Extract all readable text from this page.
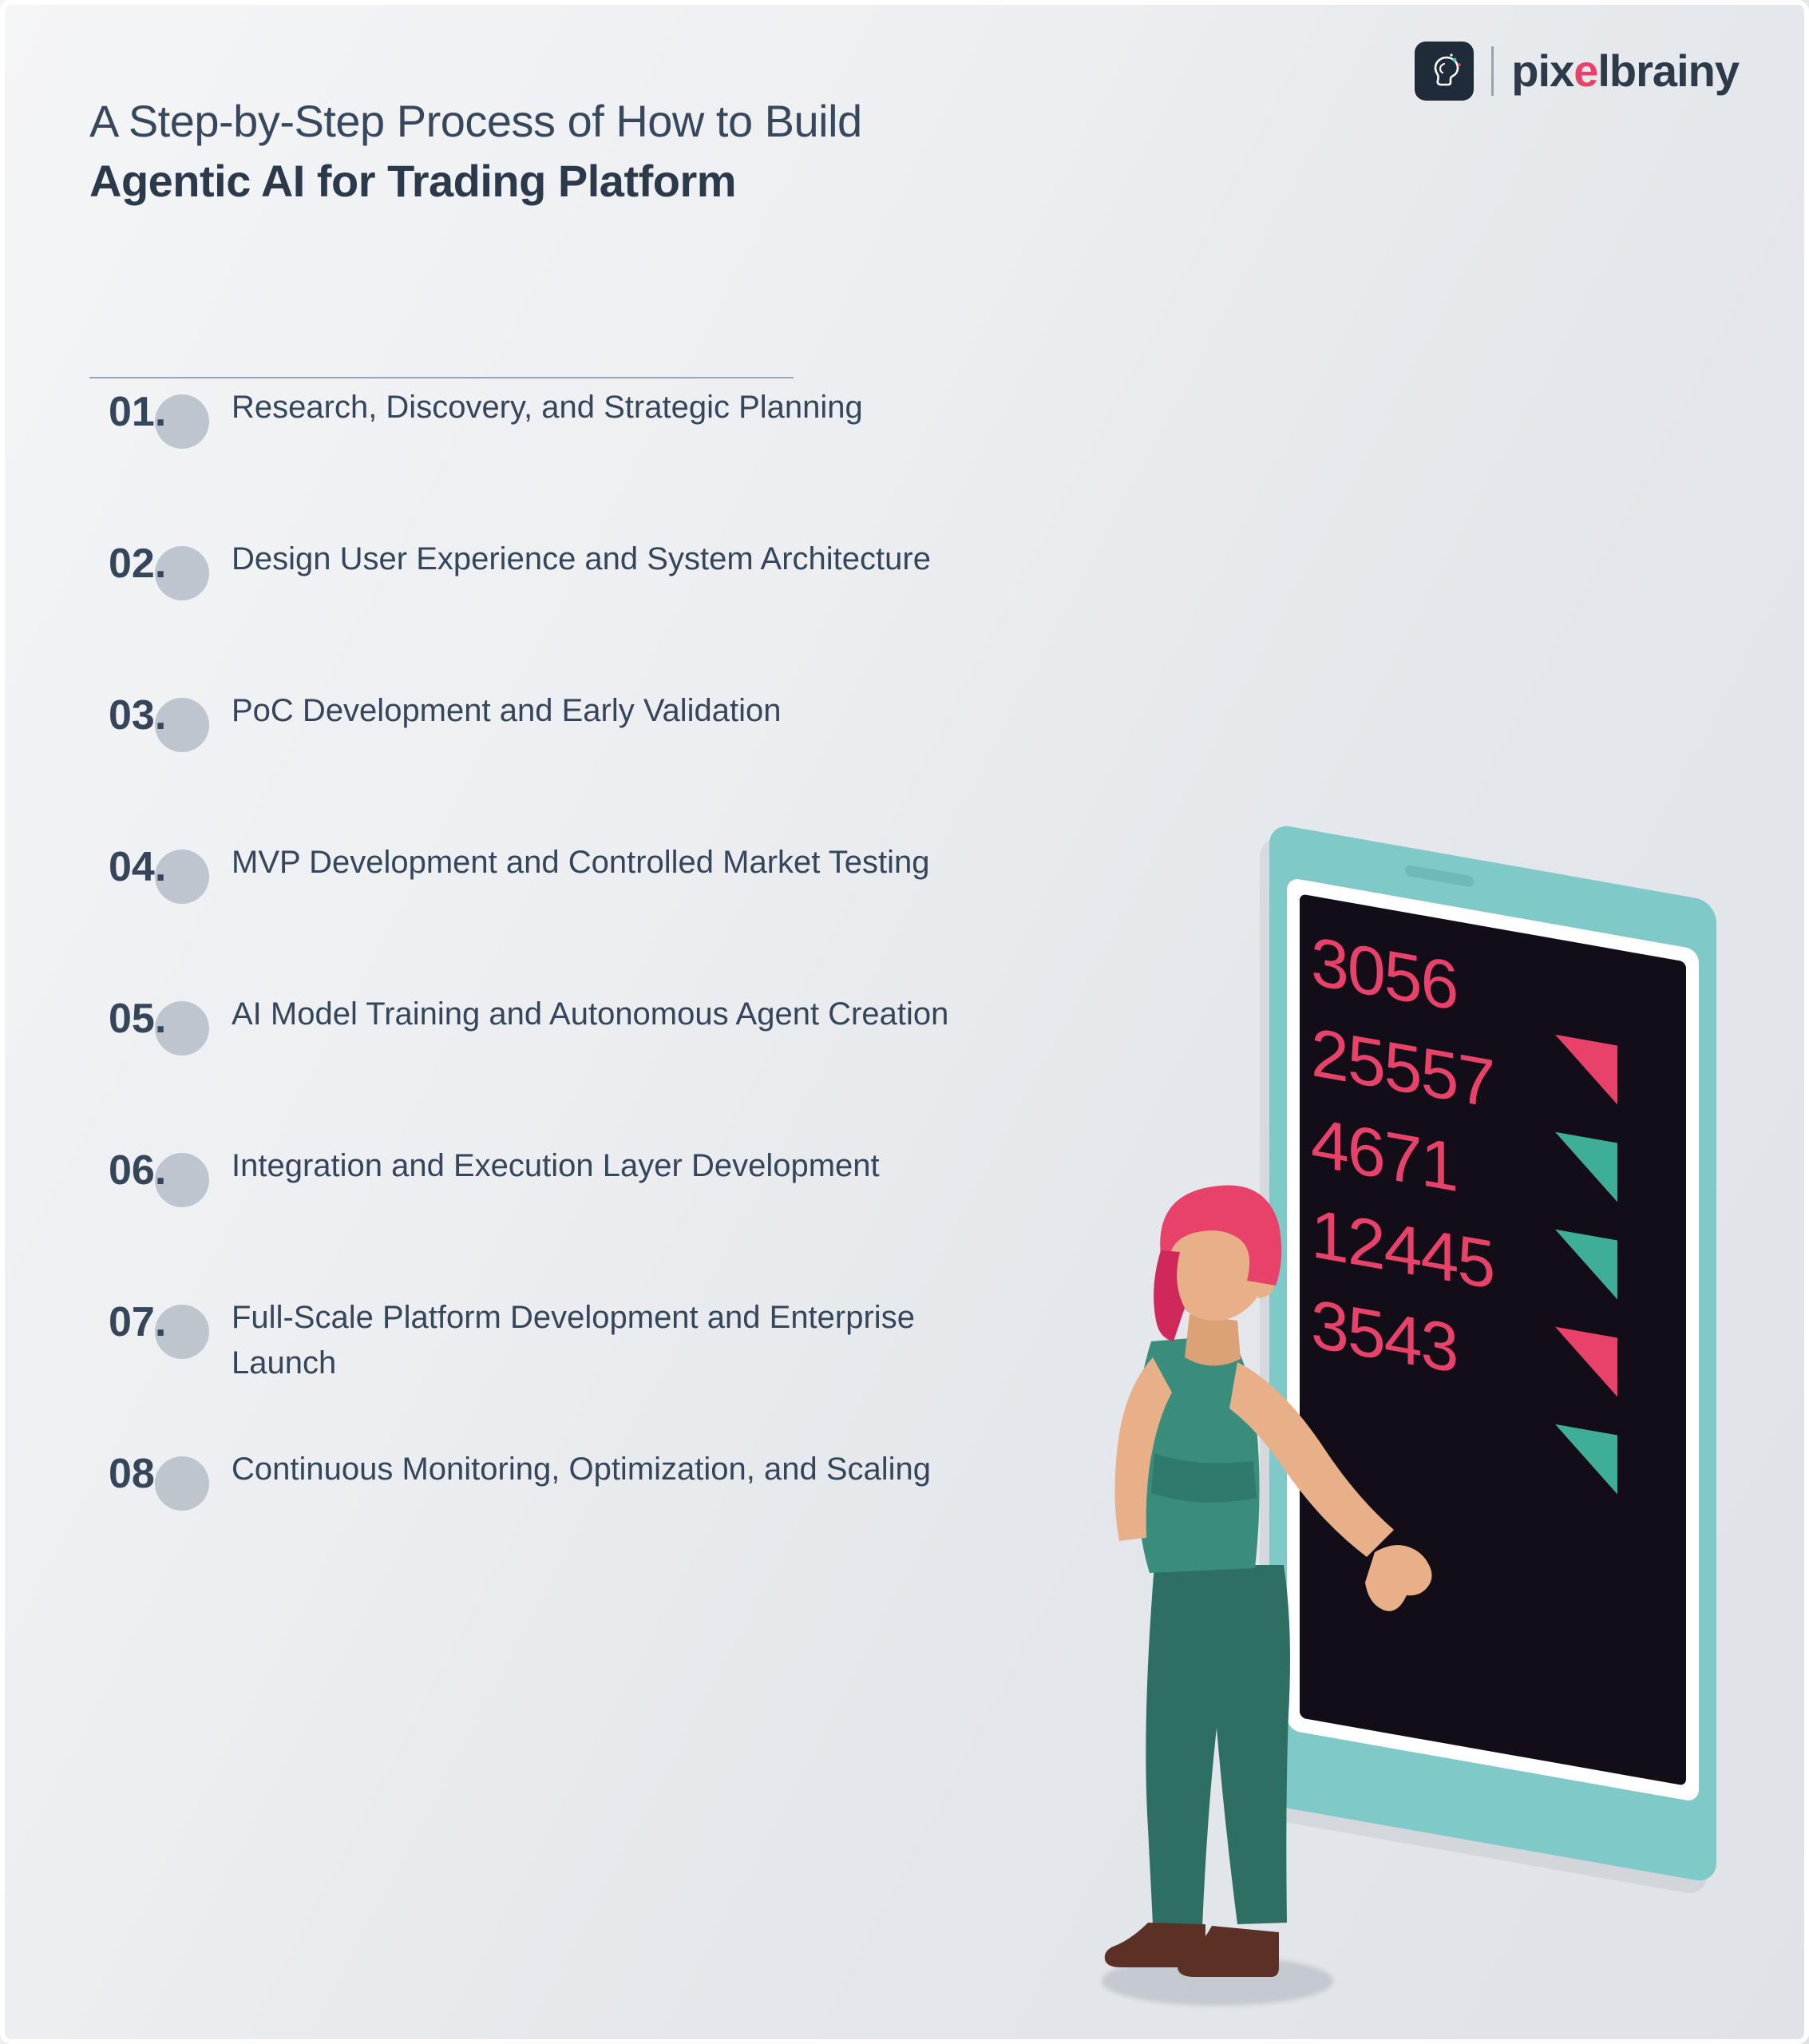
pixelbrainy
A Step-by-Step Process of How to Build
Agentic AI for Trading Platform
01. Research, Discovery, and Strategic Planning
02. Design User Experience and System Architecture
03. PoC Development and Early Validation
04. MVP Development and Controlled Market Testing
05. AI Model Training and Autonomous Agent Creation
06. Integration and Execution Layer Development
07. Full-Scale Platform Development and Enterprise Launch
08 Continuous Monitoring, Optimization, and Scaling
3056
25557
4671
12445
3543
